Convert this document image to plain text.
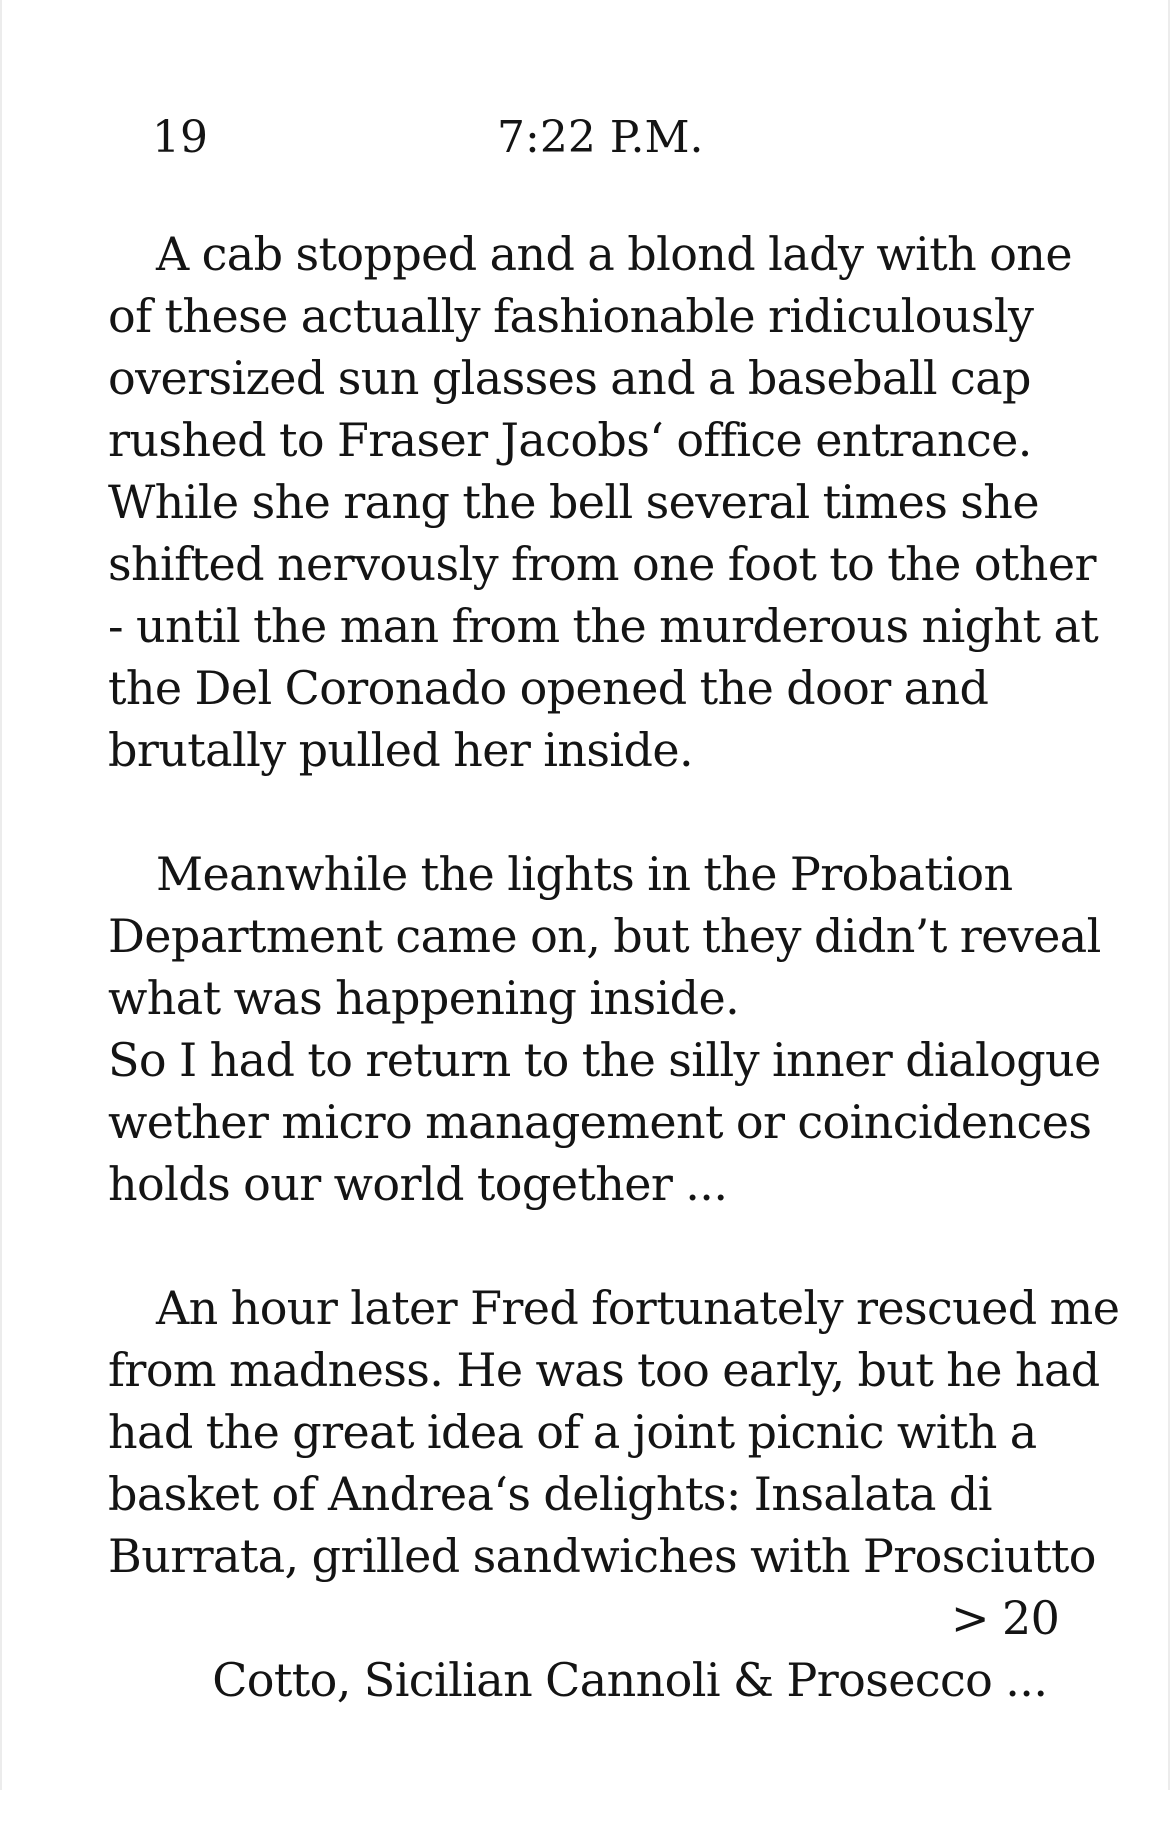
19	7:22 P.M.
A cab stopped and a blond lady with one
of these actually fashionable ridiculously
oversized sun glasses and a baseball cap
rushed to Fraser Jacobs‘ office entrance.
While she rang the bell several times she
shifted nervously from one foot to the other
- until the man from the murderous night at
the Del Coronado opened the door and
brutally pulled her inside.
Meanwhile the lights in the Probation
Department came on, but they didn’t reveal
what was happening inside.
So I had to return to the silly inner dialogue
wether micro management or coincidences
holds our world together ...
An hour later Fred fortunately rescued me
from madness. He was too early, but he had
had the great idea of a joint picnic with a
basket of Andrea‘s delights: Insalata di
Burrata, grilled sandwiches with Prosciutto

Cotto, Sicilian Cannoli & Prosecco ...

> 20
